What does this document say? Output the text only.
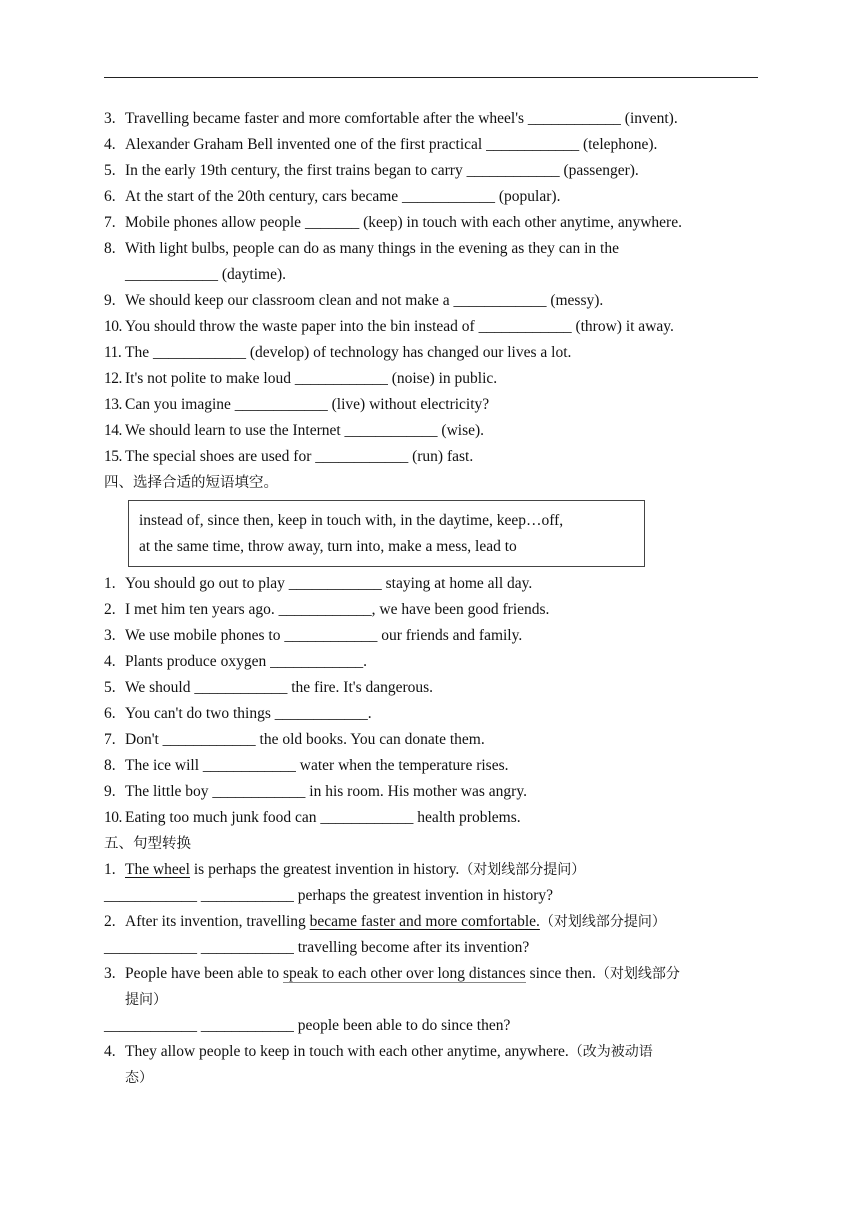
3. Travelling became faster and more comfortable after the wheel's ____________ (invent).
4. Alexander Graham Bell invented one of the first practical ____________ (telephone).
5. In the early 19th century, the first trains began to carry ____________ (passenger).
6. At the start of the 20th century, cars became ____________ (popular).
7. Mobile phones allow people _______ (keep) in touch with each other anytime, anywhere.
8. With light bulbs, people can do as many things in the evening as they can in the
____________ (daytime).
9. We should keep our classroom clean and not make a ____________ (messy).
10. You should throw the waste paper into the bin instead of ____________ (throw) it away.
11. The ____________ (develop) of technology has changed our lives a lot.
12. It's not polite to make loud ____________ (noise) in public.
13. Can you imagine ____________ (live) without electricity?
14. We should learn to use the Internet ____________ (wise).
15. The special shoes are used for ____________ (run) fast.
四、选择合适的短语填空。
instead of, since then, keep in touch with, in the daytime, keep…off,
at the same time, throw away, turn into, make a mess, lead to
1. You should go out to play ____________ staying at home all day.
2. I met him ten years ago. ____________, we have been good friends.
3. We use mobile phones to ____________ our friends and family.
4. Plants produce oxygen ____________.
5. We should ____________ the fire. It's dangerous.
6. You can't do two things ____________.
7. Don't ____________ the old books. You can donate them.
8. The ice will ____________ water when the temperature rises.
9. The little boy ____________ in his room. His mother was angry.
10. Eating too much junk food can ____________ health problems.
五、句型转换
1. The wheel is perhaps the greatest invention in history.（对划线部分提问）
____________ ____________ perhaps the greatest invention in history?
2. After its invention, travelling became faster and more comfortable.（对划线部分提问）
____________ ____________ travelling become after its invention?
3. People have been able to speak to each other over long distances since then.（对划线部分
提问）
____________ ____________ people been able to do since then?
4. They allow people to keep in touch with each other anytime, anywhere.（改为被动语
态）
